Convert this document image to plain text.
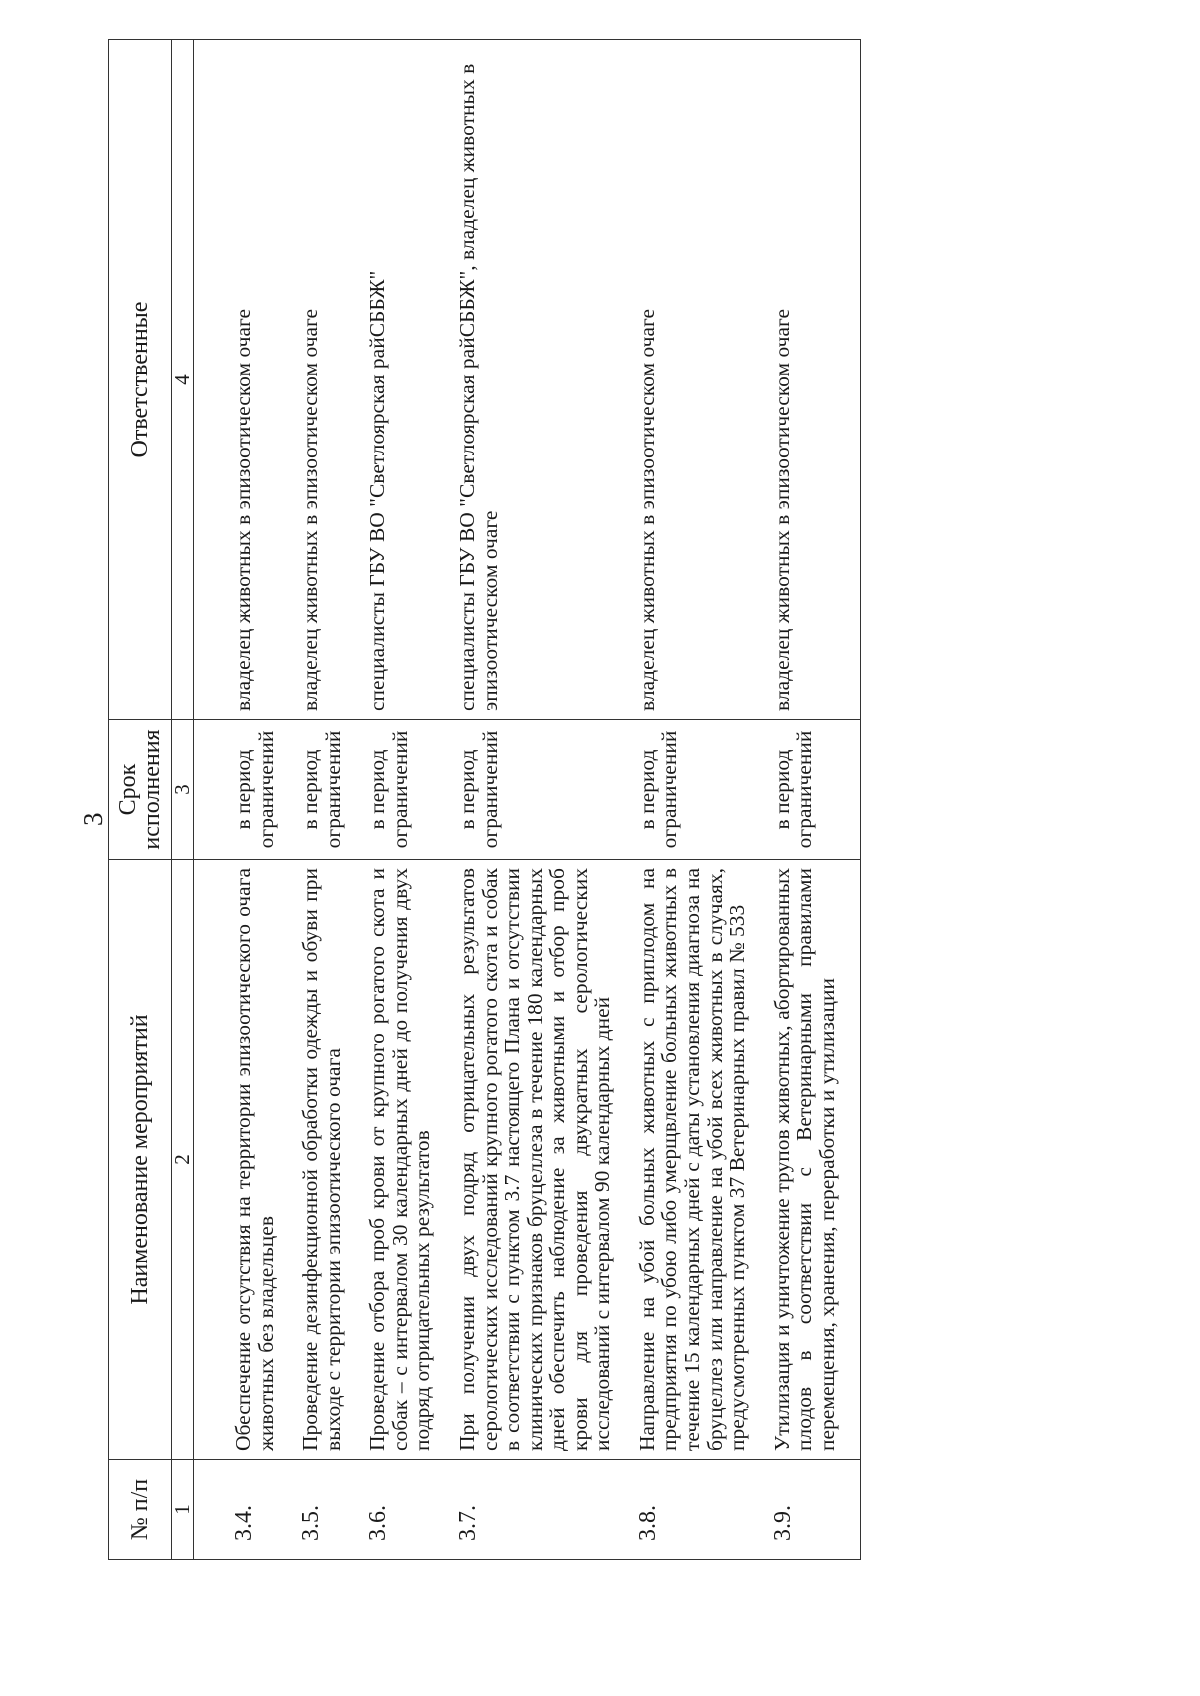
3
№ п/п	Наименование мероприятий	Срок исполнения	Ответственные
1	2	3	4

3.4.	Обеспечение отсутствия на территории эпизоотического очага животных без владельцев	в период ограничений	владелец животных в эпизоотическом очаге
3.5.	Проведение дезинфекционной обработки одежды и обуви при выходе с территории эпизоотического очага	в период ограничений	владелец животных в эпизоотическом очаге
3.6.	Проведение отбора проб крови от крупного рогатого скота и собак – с интервалом 30 календарных дней до получения двух подряд отрицательных результатов	в период ограничений	специалисты ГБУ ВО "Светлоярская райСББЖ"
3.7.	При получении двух подряд отрицательных результатов серологических исследований крупного рогатого скота и собак в соответствии с пунктом 3.7 настоящего Плана и отсутствии клинических признаков бруцеллеза в течение 180 календарных дней обеспечить наблюдение за животными и отбор проб крови для проведения двукратных серологических исследований с интервалом 90 календарных дней	в период ограничений	специалисты ГБУ ВО "Светлоярская райСББЖ", владелец животных в эпизоотическом очаге
3.8.	Направление на убой больных животных с приплодом на предприятия по убою либо умерщвление больных животных в течение 15 календарных дней с даты установления диагноза на бруцеллез или направление на убой всех животных в случаях, предусмотренных пунктом 37 Ветеринарных правил № 533	в период ограничений	владелец животных в эпизоотическом очаге
3.9.	Утилизация и уничтожение трупов животных, абортированных плодов в соответствии с Ветеринарными правилами перемещения, хранения, переработки и утилизации	в период ограничений	владелец животных в эпизоотическом очаге
